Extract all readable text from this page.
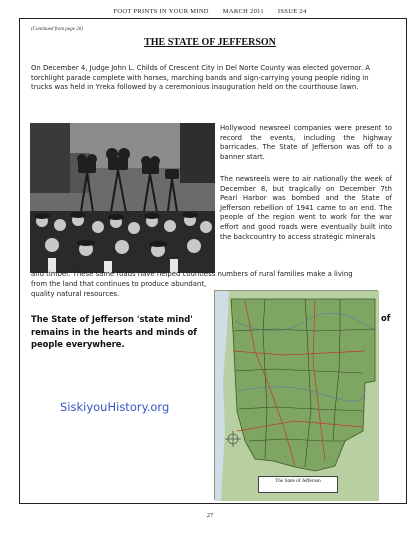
FOOT PRINTS IN YOUR MIND MARCH 2011 ISSUE 24
(Continued from page 26)
THE STATE OF JEFFERSON
On December 4, Judge John L. Childs of Crescent City in Del Norte County was elected governor. A torchlight parade complete with horses, marching bands and sign-carrying young people riding in trucks was held in Yreka followed by a ceremonious inauguration held on the courthouse lawn.
Hollywood newsreel companies were present to record the events, including the highway barricades. The State of Jefferson was off to a banner start.
The newsreels were to air nationally the week of December 8, but tragically on December 7th Pearl Harbor was bombed and the State of Jefferson rebellion of 1941 came to an end. The people of the region went to work for the war effort and good roads were eventually built into the backcountry to access strategic minerals
and timber. These same roads have helped countless numbers of rural families make a living
from the land that continues to produce abundant, quality natural resources.
The State of Jefferson 'state mind' remains in the hearts and minds of people everywhere.
of
SiskiyouHistory.org
The State of Jefferson
27
